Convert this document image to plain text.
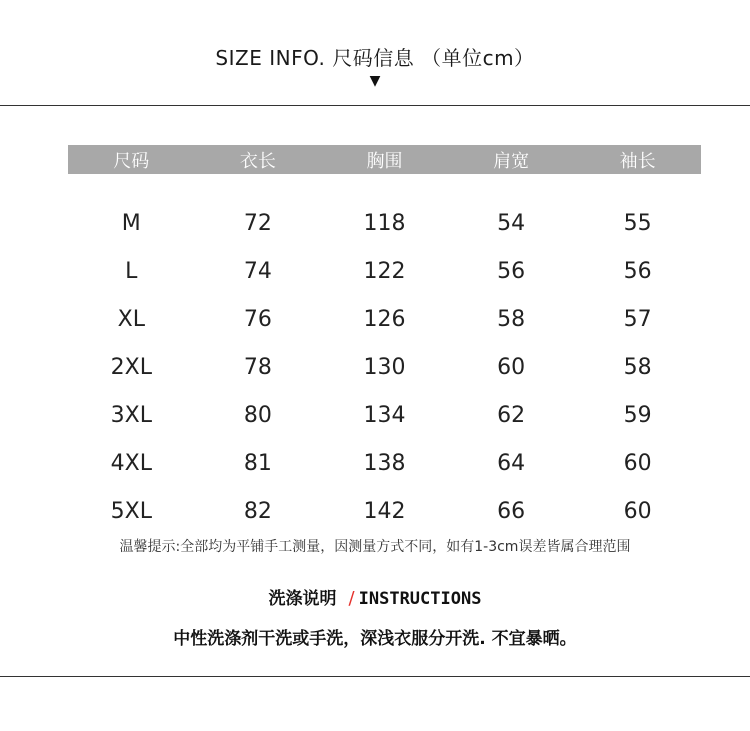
SIZE INFO. 尺码信息 （单位cm）
▼
尺码	衣长	胸围	肩宽	袖长
M	72	118	54	55
L	74	122	56	56
XL	76	126	58	57
2XL	78	130	60	58
3XL	80	134	62	59
4XL	81	138	64	60
5XL	82	142	66	60
温馨提示:全部均为平铺手工测量，因测量方式不同，如有1-3cm误差皆属合理范围
洗涤说明 / INSTRUCTIONS
中性洗涤剂干洗或手洗，深浅衣服分开洗. 不宜暴晒。
